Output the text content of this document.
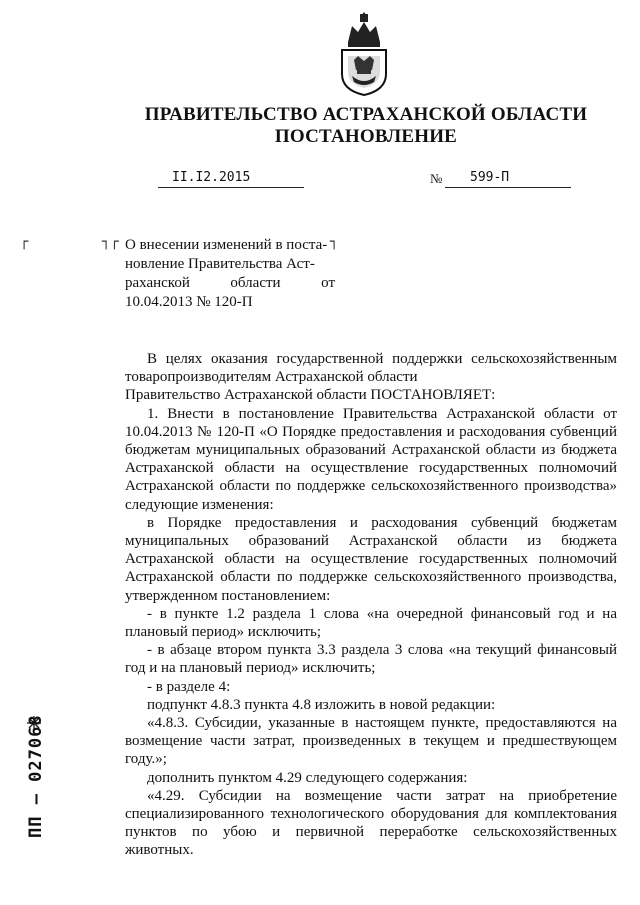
ПРАВИТЕЛЬСТВО АСТРАХАНСКОЙ ОБЛАСТИ
ПОСТАНОВЛЕНИЕ
II.I2.2015	№ 599-П
┌	┐┌	┐
О внесении изменений в поста-
новление Правительства Аст-
раханской области от
10.04.2013 № 120-П

В целях оказания государственной поддержки сельскохозяйственным товаропроизводителям Астраханской области

Правительство Астраханской области ПОСТАНОВЛЯЕТ:

1. Внести в постановление Правительства Астраханской области от 10.04.2013 № 120-П «О Порядке предоставления и расходования субвенций бюджетам муниципальных образований Астраханской области из бюджета Астраханской области на осуществление государственных полномочий Астраханской области по поддержке сельскохозяйственного производства» следующие изменения:

в Порядке предоставления и расходования субвенций бюджетам муниципальных образований Астраханской области из бюджета Астраханской области на осуществление государственных полномочий Астраханской области по поддержке сельскохозяйственного производства, утвержденном постановлением:

- в пункте 1.2 раздела 1 слова «на очередной финансовый год и на плановый период» исключить;

- в абзаце втором пункта 3.3 раздела 3 слова «на текущий финансовый год и на плановый период» исключить;

- в разделе 4:

подпункт 4.8.3 пункта 4.8 изложить в новой редакции:

«4.8.3. Субсидии, указанные в настоящем пункте, предоставляются на возмещение части затрат, произведенных в текущем и предшествующем году.»;

дополнить пунктом 4.29 следующего содержания:

«4.29. Субсидии на возмещение части затрат на приобретение специализированного технологического оборудования для комплектования пунктов по убою и первичной переработке сельскохозяйственных животных.

ПП – 027068
